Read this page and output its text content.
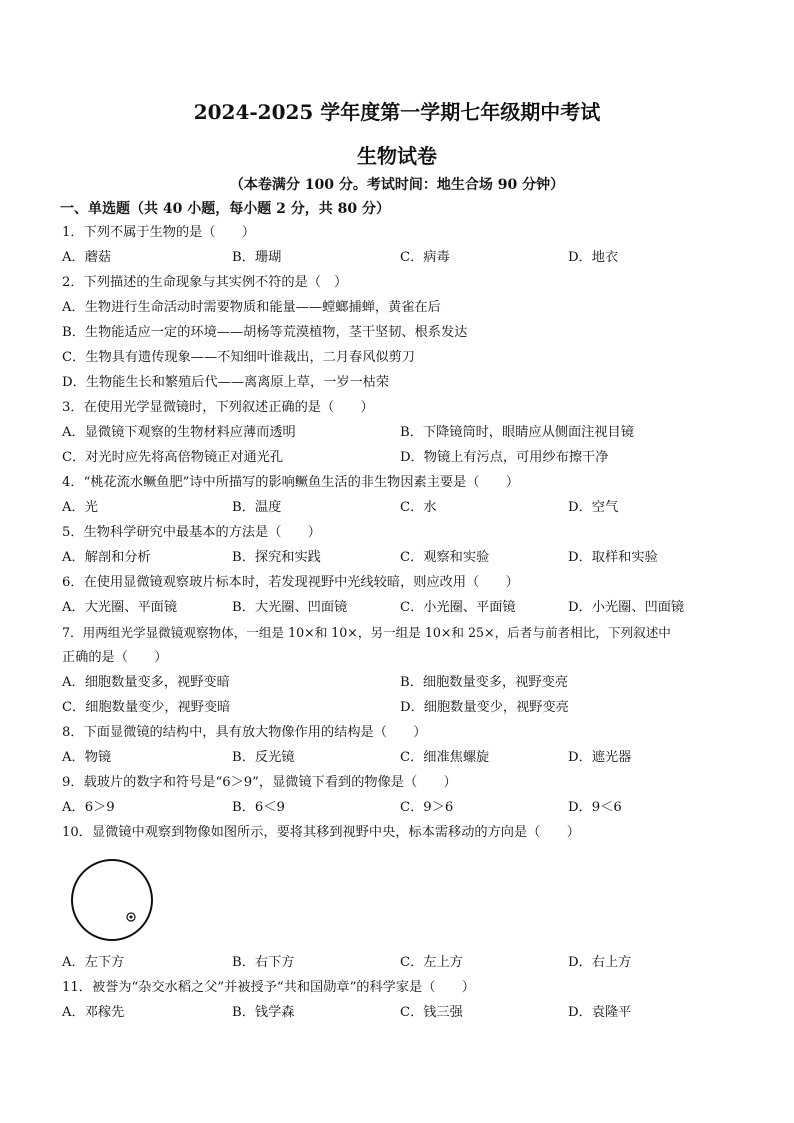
2024-2025 学年度第一学期七年级期中考试
生物试卷
（本卷满分 100 分。考试时间：地生合场 90 分钟）
一、单选题（共 40 小题，每小题 2 分，共 80 分）
1．下列不属于生物的是（　　）
A．蘑菇	B．珊瑚	C．病毒	D．地衣
2．下列描述的生命现象与其实例不符的是（　）
A．生物进行生命活动时需要物质和能量——螳螂捕蝉，黄雀在后
B．生物能适应一定的环境——胡杨等荒漠植物，茎干坚韧、根系发达
C．生物具有遗传现象——不知细叶谁裁出，二月春风似剪刀
D．生物能生长和繁殖后代——离离原上草，一岁一枯荣
3．在使用光学显微镜时，下列叙述正确的是（　　）
A．显微镜下观察的生物材料应薄而透明	B．下降镜筒时，眼睛应从侧面注视目镜
C．对光时应先将高倍物镜正对通光孔	D．物镜上有污点，可用纱布擦干净
4．“桃花流水鳜鱼肥”诗中所描写的影响鳜鱼生活的非生物因素主要是（　　）
A．光	B．温度	C．水	D．空气
5．生物科学研究中最基本的方法是（　　）
A．解剖和分析	B．探究和实践	C．观察和实验	D．取样和实验
6．在使用显微镜观察玻片标本时，若发现视野中光线较暗，则应改用（　　）
A．大光圈、平面镜	B．大光圈、凹面镜	C．小光圈、平面镜	D．小光圈、凹面镜
7．用两组光学显微镜观察物体，一组是 10×和 10×，另一组是 10×和 25×，后者与前者相比，下列叙述中
正确的是（　　）
A．细胞数量变多，视野变暗	B．细胞数量变多，视野变亮
C．细胞数量变少，视野变暗	D．细胞数量变少，视野变亮
8．下面显微镜的结构中，具有放大物像作用的结构是（　　）
A．物镜	B．反光镜	C．细准焦螺旋	D．遮光器
9．载玻片的数字和符号是“6＞9”，显微镜下看到的物像是（　　）
A．6＞9	B．6＜9	C．9＞6	D．9＜6
10．显微镜中观察到物像如图所示，要将其移到视野中央，标本需移动的方向是（　　）
A．左下方	B．右下方	C．左上方	D．右上方
11．被誉为“杂交水稻之父”并被授予“共和国勋章”的科学家是（　　）
A．邓稼先	B．钱学森	C．钱三强	D．袁隆平
